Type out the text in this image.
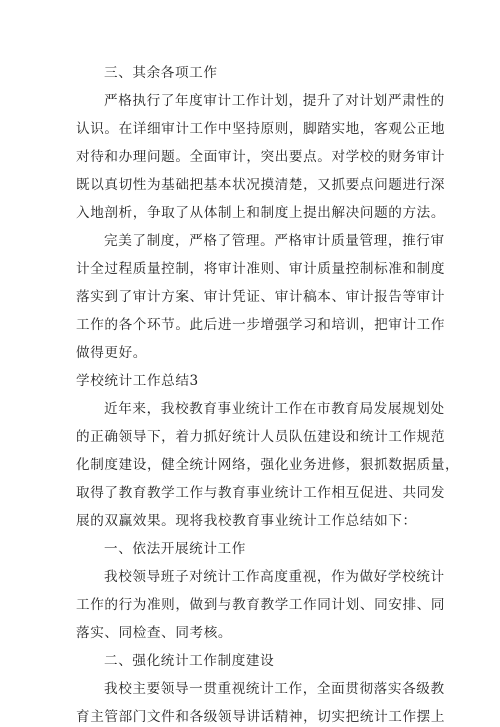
三、其余各项工作
严格执行了年度审计工作计划，提升了对计划严肃性的
认识。在详细审计工作中坚持原则，脚踏实地，客观公正地
对待和办理问题。全面审计，突出要点。对学校的财务审计
既以真切性为基础把基本状况摸清楚，又抓要点问题进行深
入地剖析，争取了从体制上和制度上提出解决问题的方法。
完美了制度，严格了管理。严格审计质量管理，推行审
计全过程质量控制，将审计准则、审计质量控制标准和制度
落实到了审计方案、审计凭证、审计稿本、审计报告等审计
工作的各个环节。此后进一步增强学习和培训，把审计工作
做得更好。
学校统计工作总结3
近年来，我校教育事业统计工作在市教育局发展规划处
的正确领导下，着力抓好统计人员队伍建设和统计工作规范
化制度建设，健全统计网络，强化业务进修，狠抓数据质量，
取得了教育教学工作与教育事业统计工作相互促进、共同发
展的双赢效果。现将我校教育事业统计工作总结如下：
一、依法开展统计工作
我校领导班子对统计工作高度重视，作为做好学校统计
工作的行为准则，做到与教育教学工作同计划、同安排、同
落实、同检查、同考核。
二、强化统计工作制度建设
我校主要领导一贯重视统计工作，全面贯彻落实各级教
育主管部门文件和各级领导讲话精神，切实把统计工作摆上
